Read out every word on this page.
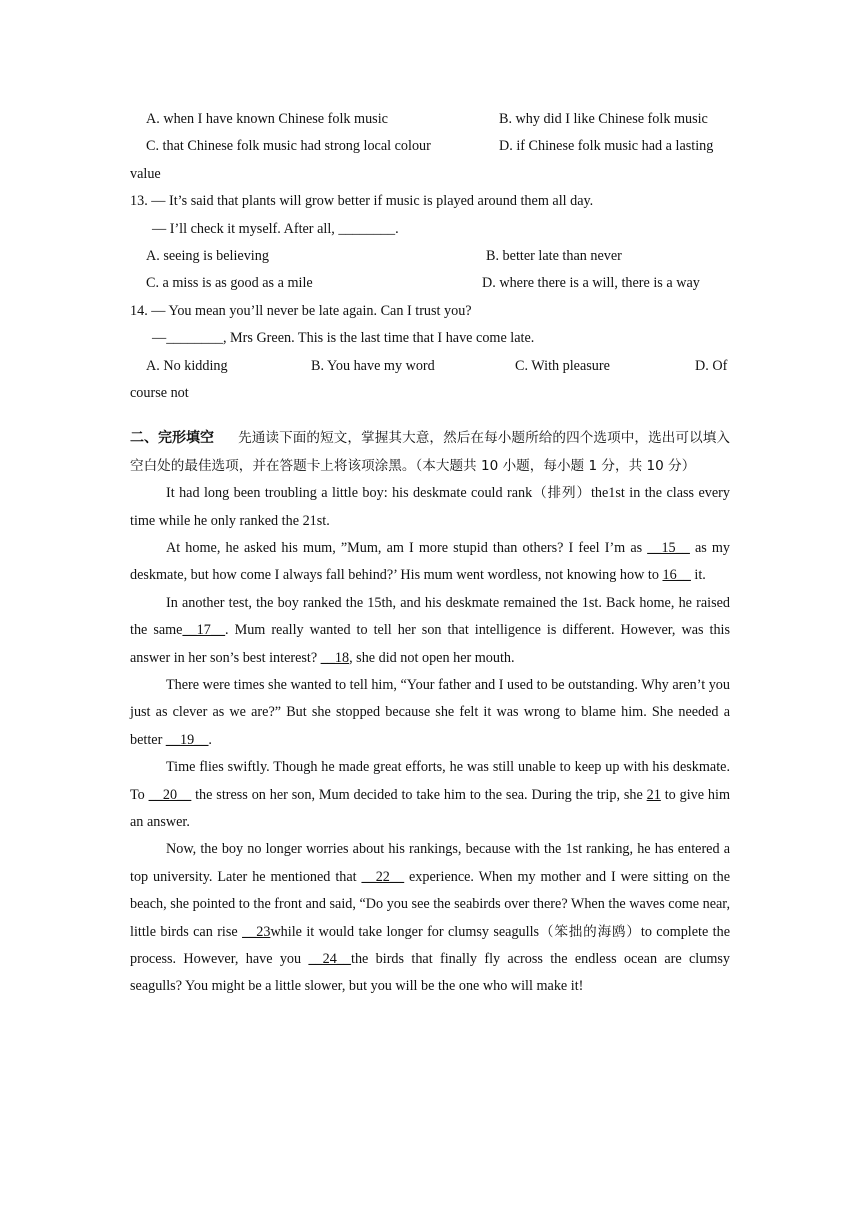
A. when I have known Chinese folk music	B. why did I like Chinese folk music
C. that Chinese folk music had strong local colour	D. if Chinese folk music had a lasting
value
13. — It’s said that plants will grow better if music is played around them all day.
— I’ll check it myself. After all, ________.
A. seeing is believing	B. better late than never
C. a miss is as good as a mile	D. where there is a will, there is a way
14. — You mean you’ll never be late again. Can I trust you?
—________, Mrs Green. This is the last time that I have come late.
A. No kidding	B. You have my word	C. With pleasure	D. Of
course not
二、完形填空 先通读下面的短文，掌握其大意，然后在每小题所给的四个选项中，选出可以填入空白处的最佳选项，并在答题卡上将该项涂黑。（本大题共 10 小题，每小题 1 分，共 10 分）
It had long been troubling a little boy: his deskmate could rank（排列）the1st in the class every time while he only ranked the 21st.
At home, he asked his mum, ”Mum, am I more stupid than others? I feel I’m as __15__ as my deskmate, but how come I always fall behind?’ His mum went wordless, not knowing how to 16__ it.
In another test, the boy ranked the 15th, and his deskmate remained the 1st. Back home, he raised the same__17__. Mum really wanted to tell her son that intelligence is different. However, was this answer in her son’s best interest? __18, she did not open her mouth.
There were times she wanted to tell him, “Your father and I used to be outstanding. Why aren’t you just as clever as we are?” But she stopped because she felt it was wrong to blame him. She needed a better __19__.
Time flies swiftly. Though he made great efforts, he was still unable to keep up with his deskmate. To __20__ the stress on her son, Mum decided to take him to the sea. During the trip, she 21 to give him an answer.
Now, the boy no longer worries about his rankings, because with the 1st ranking, he has entered a top university. Later he mentioned that __22__ experience. When my mother and I were sitting on the beach, she pointed to the front and said, “Do you see the seabirds over there? When the waves come near, little birds can rise __23while it would take longer for clumsy seagulls（笨拙的海鸥）to complete the process. However, have you __24__the birds that finally fly across the endless ocean are clumsy seagulls? You might be a little slower, but you will be the one who will make it!
